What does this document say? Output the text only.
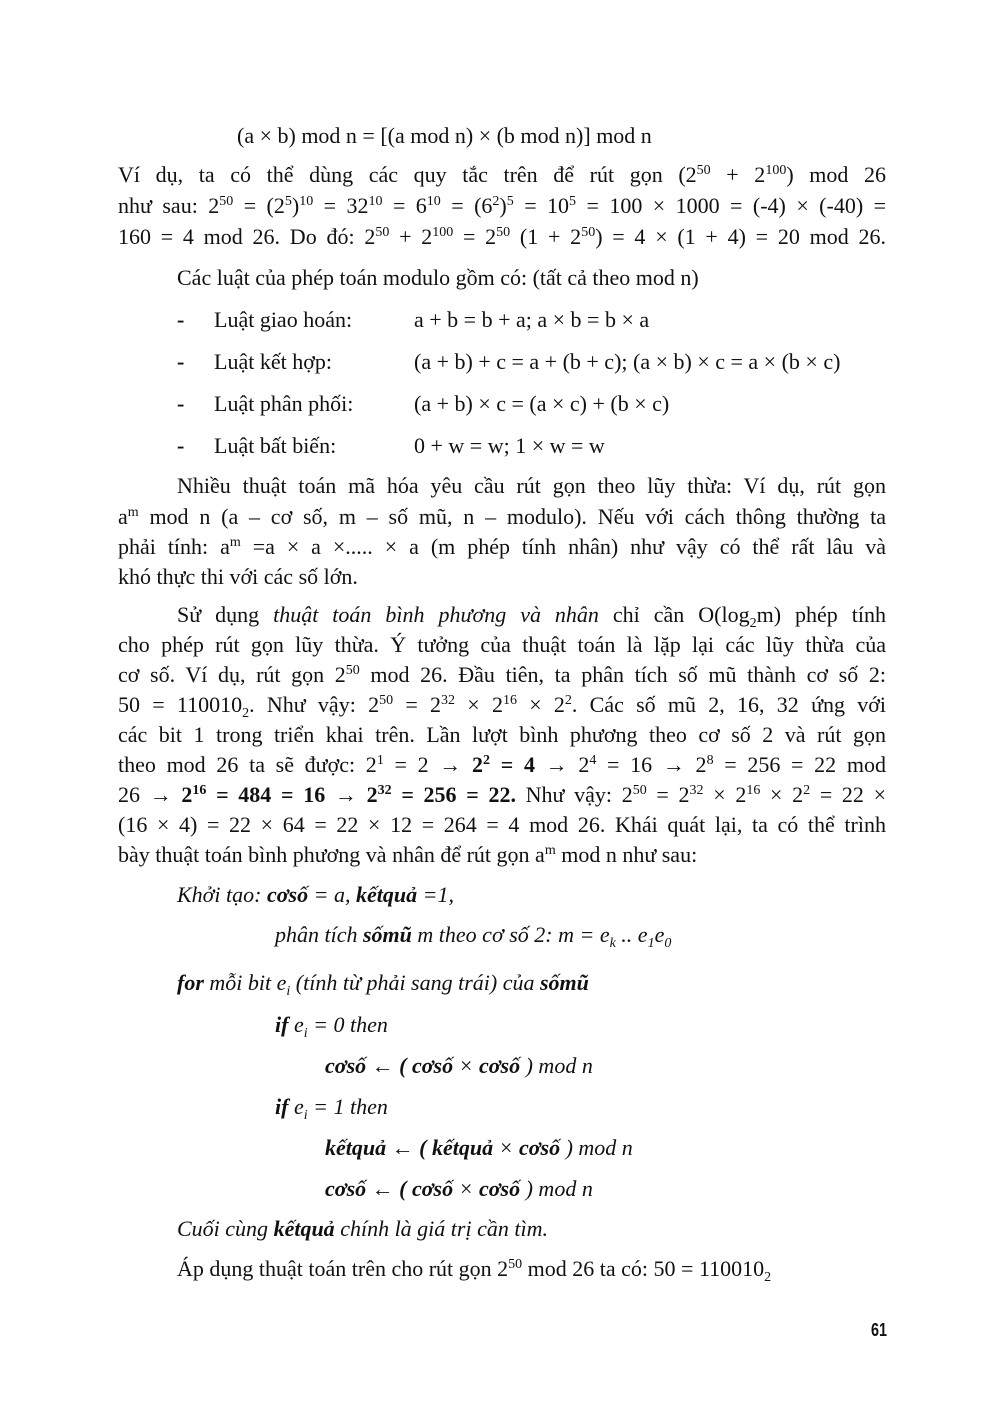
(a × b) mod n = [(a mod n) × (b mod n)] mod n
Ví dụ, ta có thể dùng các quy tắc trên để rút gọn $(2^{50} + 2^{100})$ mod 26
như sau: $2^{50} = (2^5)^{10} = 32^{10} = 6^{10} = (6^2)^5 = 10^5 = 100 \times 1000 = (-4) \times (-40)$ =
160 = 4 mod 26. Do đó: $2^{50} + 2^{100} = 2^{50}$ $(1 + 2^{50}) = 4 \times (1 + 4) = 20$ mod 26.
Các luật của phép toán modulo gồm có: (tất cả theo mod n)
- Luật giao hoán:	a + b = b + a; a × b = b × a
- Luật kết hợp:	(a + b) + c = a + (b + c); (a × b) × c = a × (b × c)
- Luật phân phối:	(a + b) × c = (a × c) + (b × c)
- Luật bất biến:	0 + w = w; 1 × w = w
Nhiều thuật toán mã hóa yêu cầu rút gọn theo lũy thừa: Ví dụ, rút gọn
$a^m$ mod n (a – cơ số, m – số mũ, n – modulo). Nếu với cách thông thường ta
phải tính: $a^m =a \times a$ ×..... × a (m phép tính nhân) như vậy có thể rất lâu và
khó thực thi với các số lớn.
Sử dụng thuật toán bình phương và nhân chỉ cần $O(\log_2m)$ phép tính
cho phép rút gọn lũy thừa. Ý tưởng của thuật toán là lặp lại các lũy thừa của
cơ số. Ví dụ, rút gọn $2^{50}$ mod 26. Đầu tiên, ta phân tích số mũ thành cơ số 2:
$50 = 110010_2$. Như vậy: $2^{50} = 2^{32} \times 2^{16} \times 2^2$. Các số mũ 2, 16, 32 ứng với
các bit 1 trong triển khai trên. Lần lượt bình phương theo cơ số 2 và rút gọn
theo mod 26 ta sẽ được: $2^1 = 2 \to 2^2 = 4 \to 2^4 = 16 \to 2^8 = 256 = 22$ mod
$26 \to 2^{16} = 484 = 16 \to 2^{32} = 256 = 22$. Như vậy: $2^{50} = 2^{32} \times 2^{16} \times 2^2 = 22$ ×
(16 × 4) = 22 × 64 = 22 × 12 = 264 = 4 mod 26. Khái quát lại, ta có thể trình
bày thuật toán bình phương và nhân để rút gọn $a^m$ mod n như sau:
Khởi tạo: cơsố = a, kếtquả =1,
phân tích sốmũ m theo cơ số 2: $m = e_k$ .. $e_1e_0$
for mỗi bit $e_i$ (tính từ phải sang trái) của sốmũ
if $e_i = 0$ then
cơsố ← ( cơsố × cơsố ) mod n
if $e_i = 1$ then
kếtquả ← ( kếtquả × cơsố ) mod n
cơsố ← ( cơsố × cơsố ) mod n
Cuối cùng kếtquả chính là giá trị cần tìm.
Áp dụng thuật toán trên cho rút gọn $2^{50}$ mod 26 ta có: $50 = 110010_2$
61
